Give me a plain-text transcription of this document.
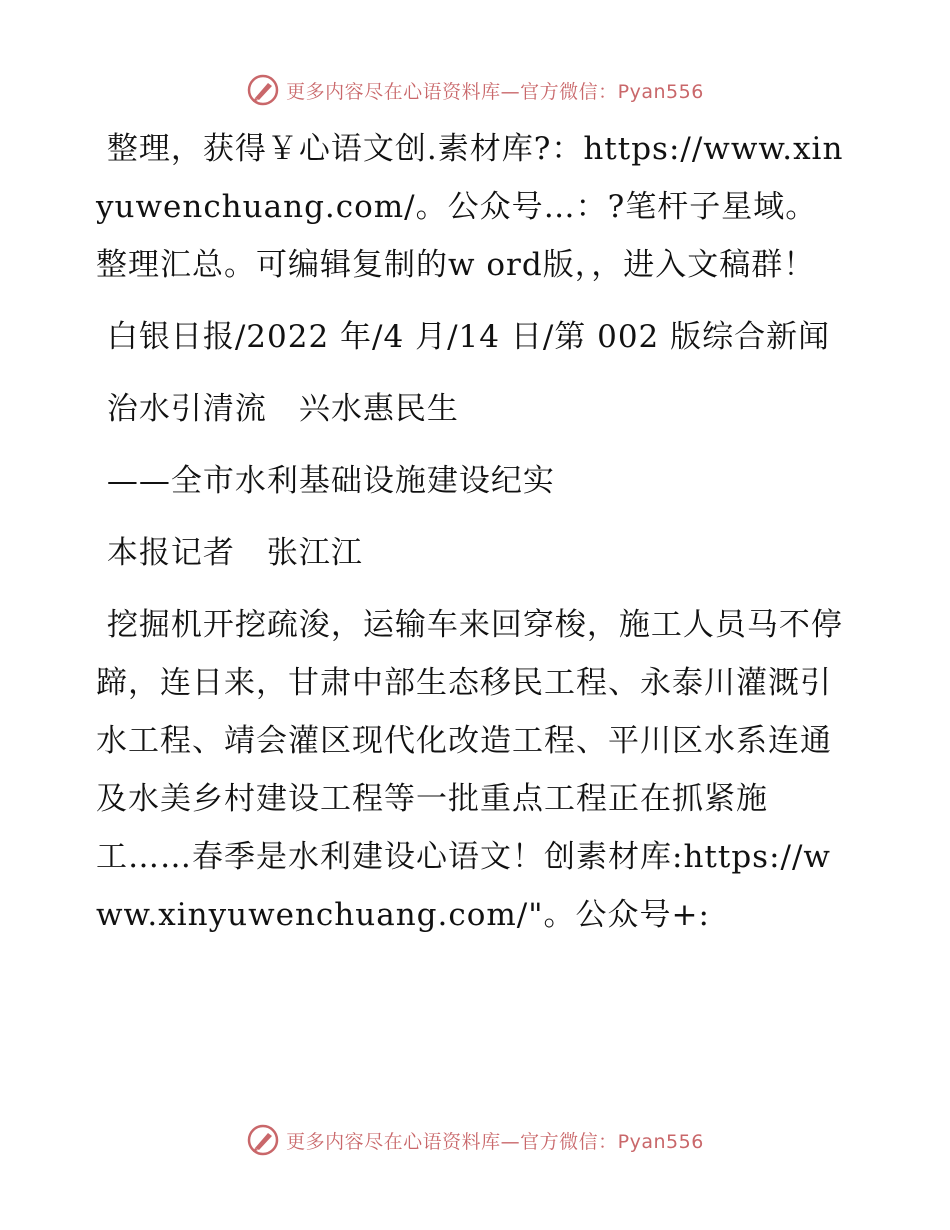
更多内容尽在心语资料库—官方微信：Pyan556

整理，获得￥心语文创.素材库?：https://www.xinyuwenchuang.com/。公众号…：?笔杆子星域。整理汇总。可编辑复制的w ord版，，进入文稿群！

白银日报/2022 年/4 月/14 日/第 002 版综合新闻

治水引清流　兴水惠民生

——全市水利基础设施建设纪实

本报记者　张江江

挖掘机开挖疏浚，运输车来回穿梭，施工人员马不停蹄，连日来，甘肃中部生态移民工程、永泰川灌溉引水工程、靖会灌区现代化改造工程、平川区水系连通及水美乡村建设工程等一批重点工程正在抓紧施工……春季是水利建设心语文！创素材库:https://www.xinyuwenchuang.com/"。公众号+:

更多内容尽在心语资料库—官方微信：Pyan556
